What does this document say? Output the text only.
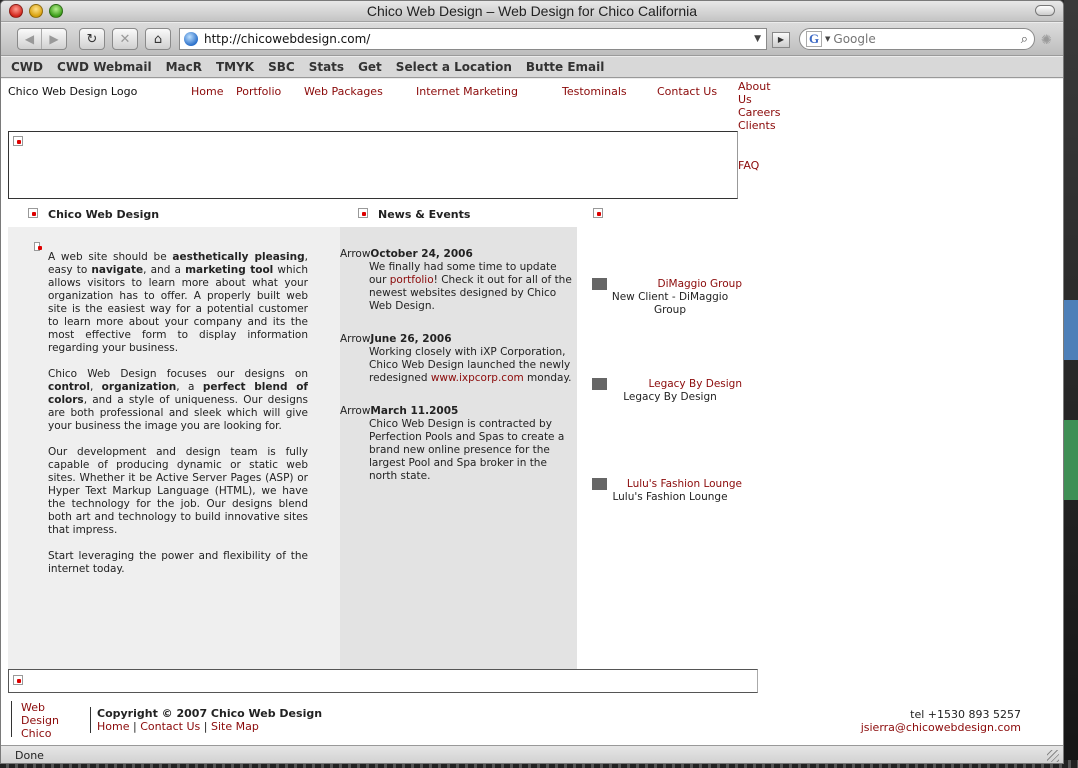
Chico Web Design – Web Design for Chico California
◀	▶	↻	✕	⌂	http://chicowebdesign.com/	▼	▶	G ▼
Google	⌕ ✺
CWD CWD Webmail MacR TMYK SBC Stats Get Select a Location Butte Email
Chico Web Design Logo	Home Portfolio Web Packages	Internet Marketing	Testominals	Contact Us About Us
Careers
Clients
FAQ
Chico Web Design	News & Events

A web site should be aesthetically pleasing, easy to navigate, and a marketing tool which allows visitors to learn more about what your organization has to offer. A properly built web site is the easiest way for a potential customer to learn more about your company and its the most effective form to display information regarding your business.

Chico Web Design focuses our designs on control, organization, a perfect blend of colors, and a style of uniqueness. Our designs are both professional and sleek which will give your business the image you are looking for.

Our development and design team is fully capable of producing dynamic or static web sites. Whether it be Active Server Pages (ASP) or Hyper Text Markup Language (HTML), we have the technology for the job. Our designs blend both art and technology to build innovative sites that impress.

Start leveraging the power and flexibility of the internet today.

ArrowOctober 24, 2006
We finally had some time to update our portfolio! Check it out for all of the newest websites designed by Chico Web Design.
ArrowJune 26, 2006
Working closely with iXP Corporation, Chico Web Design launched the newly redesigned www.ixpcorp.com monday.
ArrowMarch 11.2005
Chico Web Design is contracted by Perfection Pools and Spas to create a brand new online presence for the largest Pool and Spa broker in the north state.
DiMaggio Group
New Client - DiMaggio Group
Legacy By Design
Legacy By Design
Lulu's Fashion Lounge
Lulu's Fashion Lounge
Web Design Chico
Copyright © 2007 Chico Web Design
Home | Contact Us | Site Map
tel +1530 893 5257
jsierra@chicowebdesign.com
Done
